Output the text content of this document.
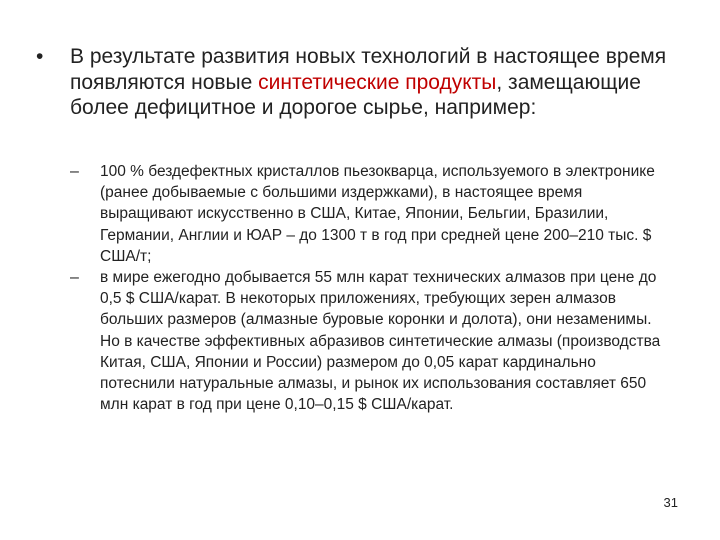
• В результате развития новых технологий в настоящее время появляются новые синтетические продукты, замещающие более дефицитное и дорогое сырье, например:
– 100 % бездефектных кристаллов пьезокварца, используемого в электронике (ранее добываемые с большими издержками), в настоящее время выращивают искусственно в США, Китае, Японии, Бельгии, Бразилии, Германии, Англии и ЮАР – до 1300 т в год при средней цене 200–210 тыс. $ США/т;
– в мире ежегодно добывается 55 млн карат технических алмазов при цене до 0,5 $ США/карат. В некоторых приложениях, требующих зерен алмазов больших размеров (алмазные буровые коронки и долота), они незаменимы. Но в качестве эффективных абразивов синтетические алмазы (производства Китая, США, Японии и России) размером до 0,05 карат кардинально потеснили натуральные алмазы, и рынок их использования составляет 650 млн карат в год при цене 0,10–0,15 $ США/карат.
31
